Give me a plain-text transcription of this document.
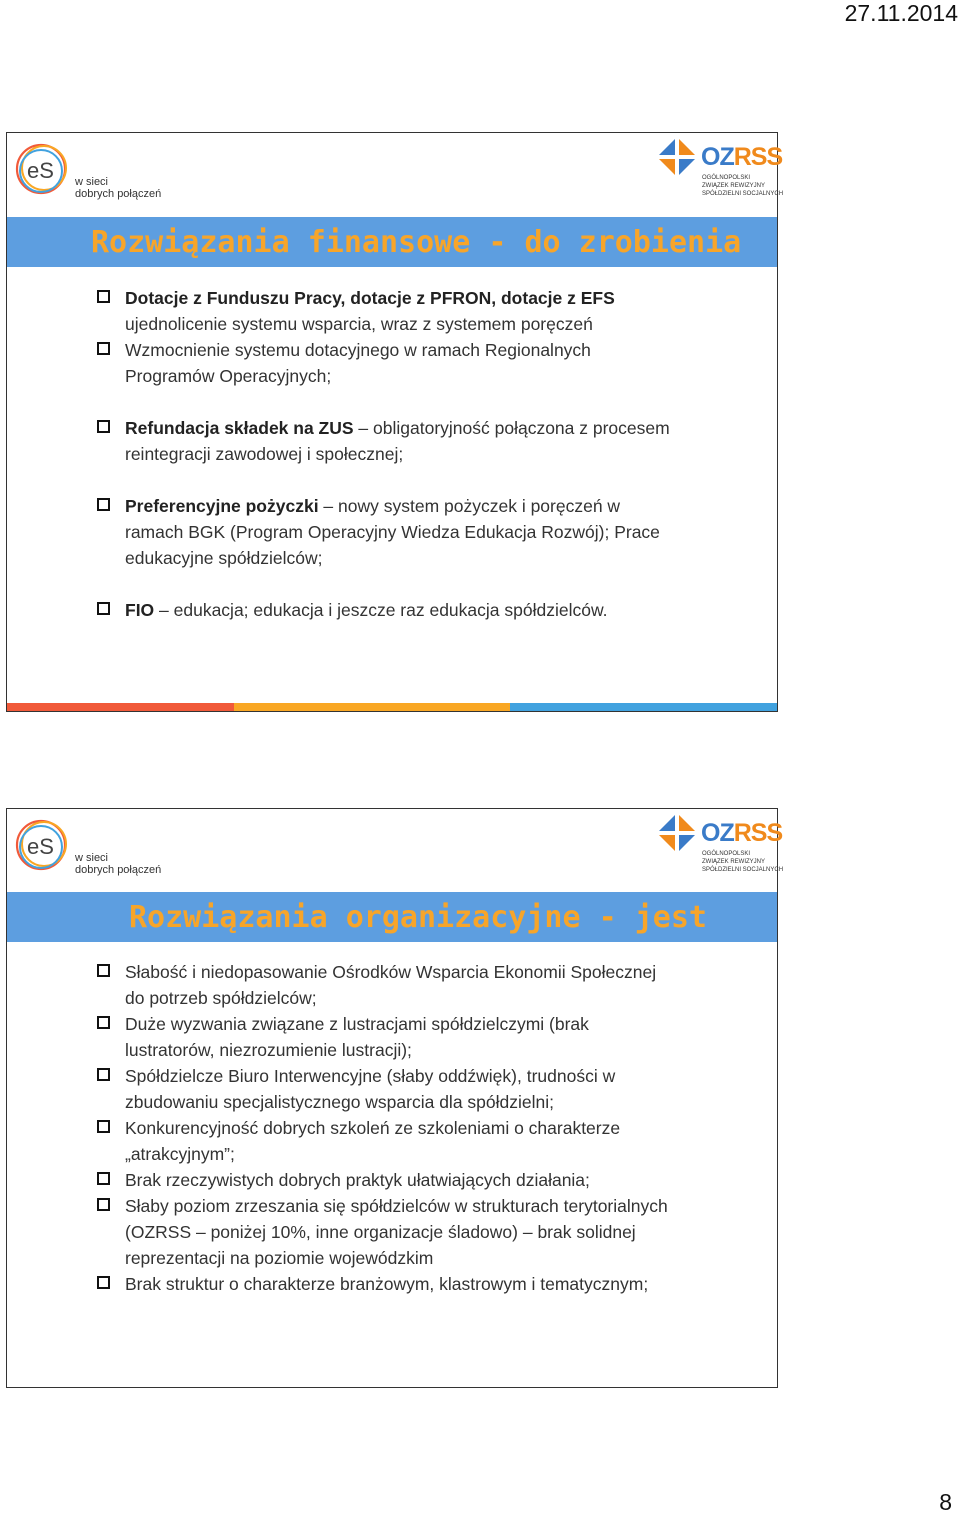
27.11.2014
eS w sieci
dobrych połączeń
OZRSS
OGÓLNOPOLSKI
ZWIĄZEK REWIZYJNY
SPÓŁDZIELNI SOCJALNYCH
Rozwiązania finansowe - do zrobienia
Dotacje z Funduszu Pracy, dotacje z PFRON, dotacje z EFS
ujednolicenie systemu wsparcia, wraz z systemem poręczeń
Wzmocnienie systemu dotacyjnego w ramach Regionalnych Programów Operacyjnych;
Refundacja składek na ZUS – obligatoryjność połączona z procesem reintegracji zawodowej i społecznej;
Preferencyjne pożyczki – nowy system pożyczek i poręczeń w ramach BGK (Program Operacyjny Wiedza Edukacja Rozwój); Prace edukacyjne spółdzielców;
FIO – edukacja; edukacja i jeszcze raz edukacja spółdzielców.
eS w sieci
dobrych połączeń
OZRSS
OGÓLNOPOLSKI
ZWIĄZEK REWIZYJNY
SPÓŁDZIELNI SOCJALNYCH
Rozwiązania organizacyjne - jest
Słabość i niedopasowanie Ośrodków Wsparcia Ekonomii Społecznej do potrzeb spółdzielców;
Duże wyzwania związane z lustracjami spółdzielczymi (brak lustratorów, niezrozumienie lustracji);
Spółdzielcze Biuro Interwencyjne (słaby oddźwięk), trudności w zbudowaniu specjalistycznego wsparcia dla spółdzielni;
Konkurencyjność dobrych szkoleń ze szkoleniami o charakterze „atrakcyjnym”;
Brak rzeczywistych dobrych praktyk ułatwiających działania;
Słaby poziom zrzeszania się spółdzielców w strukturach terytorialnych (OZRSS – poniżej 10%, inne organizacje śladowo) – brak solidnej reprezentacji na poziomie wojewódzkim
Brak struktur o charakterze branżowym, klastrowym i tematycznym;
8
